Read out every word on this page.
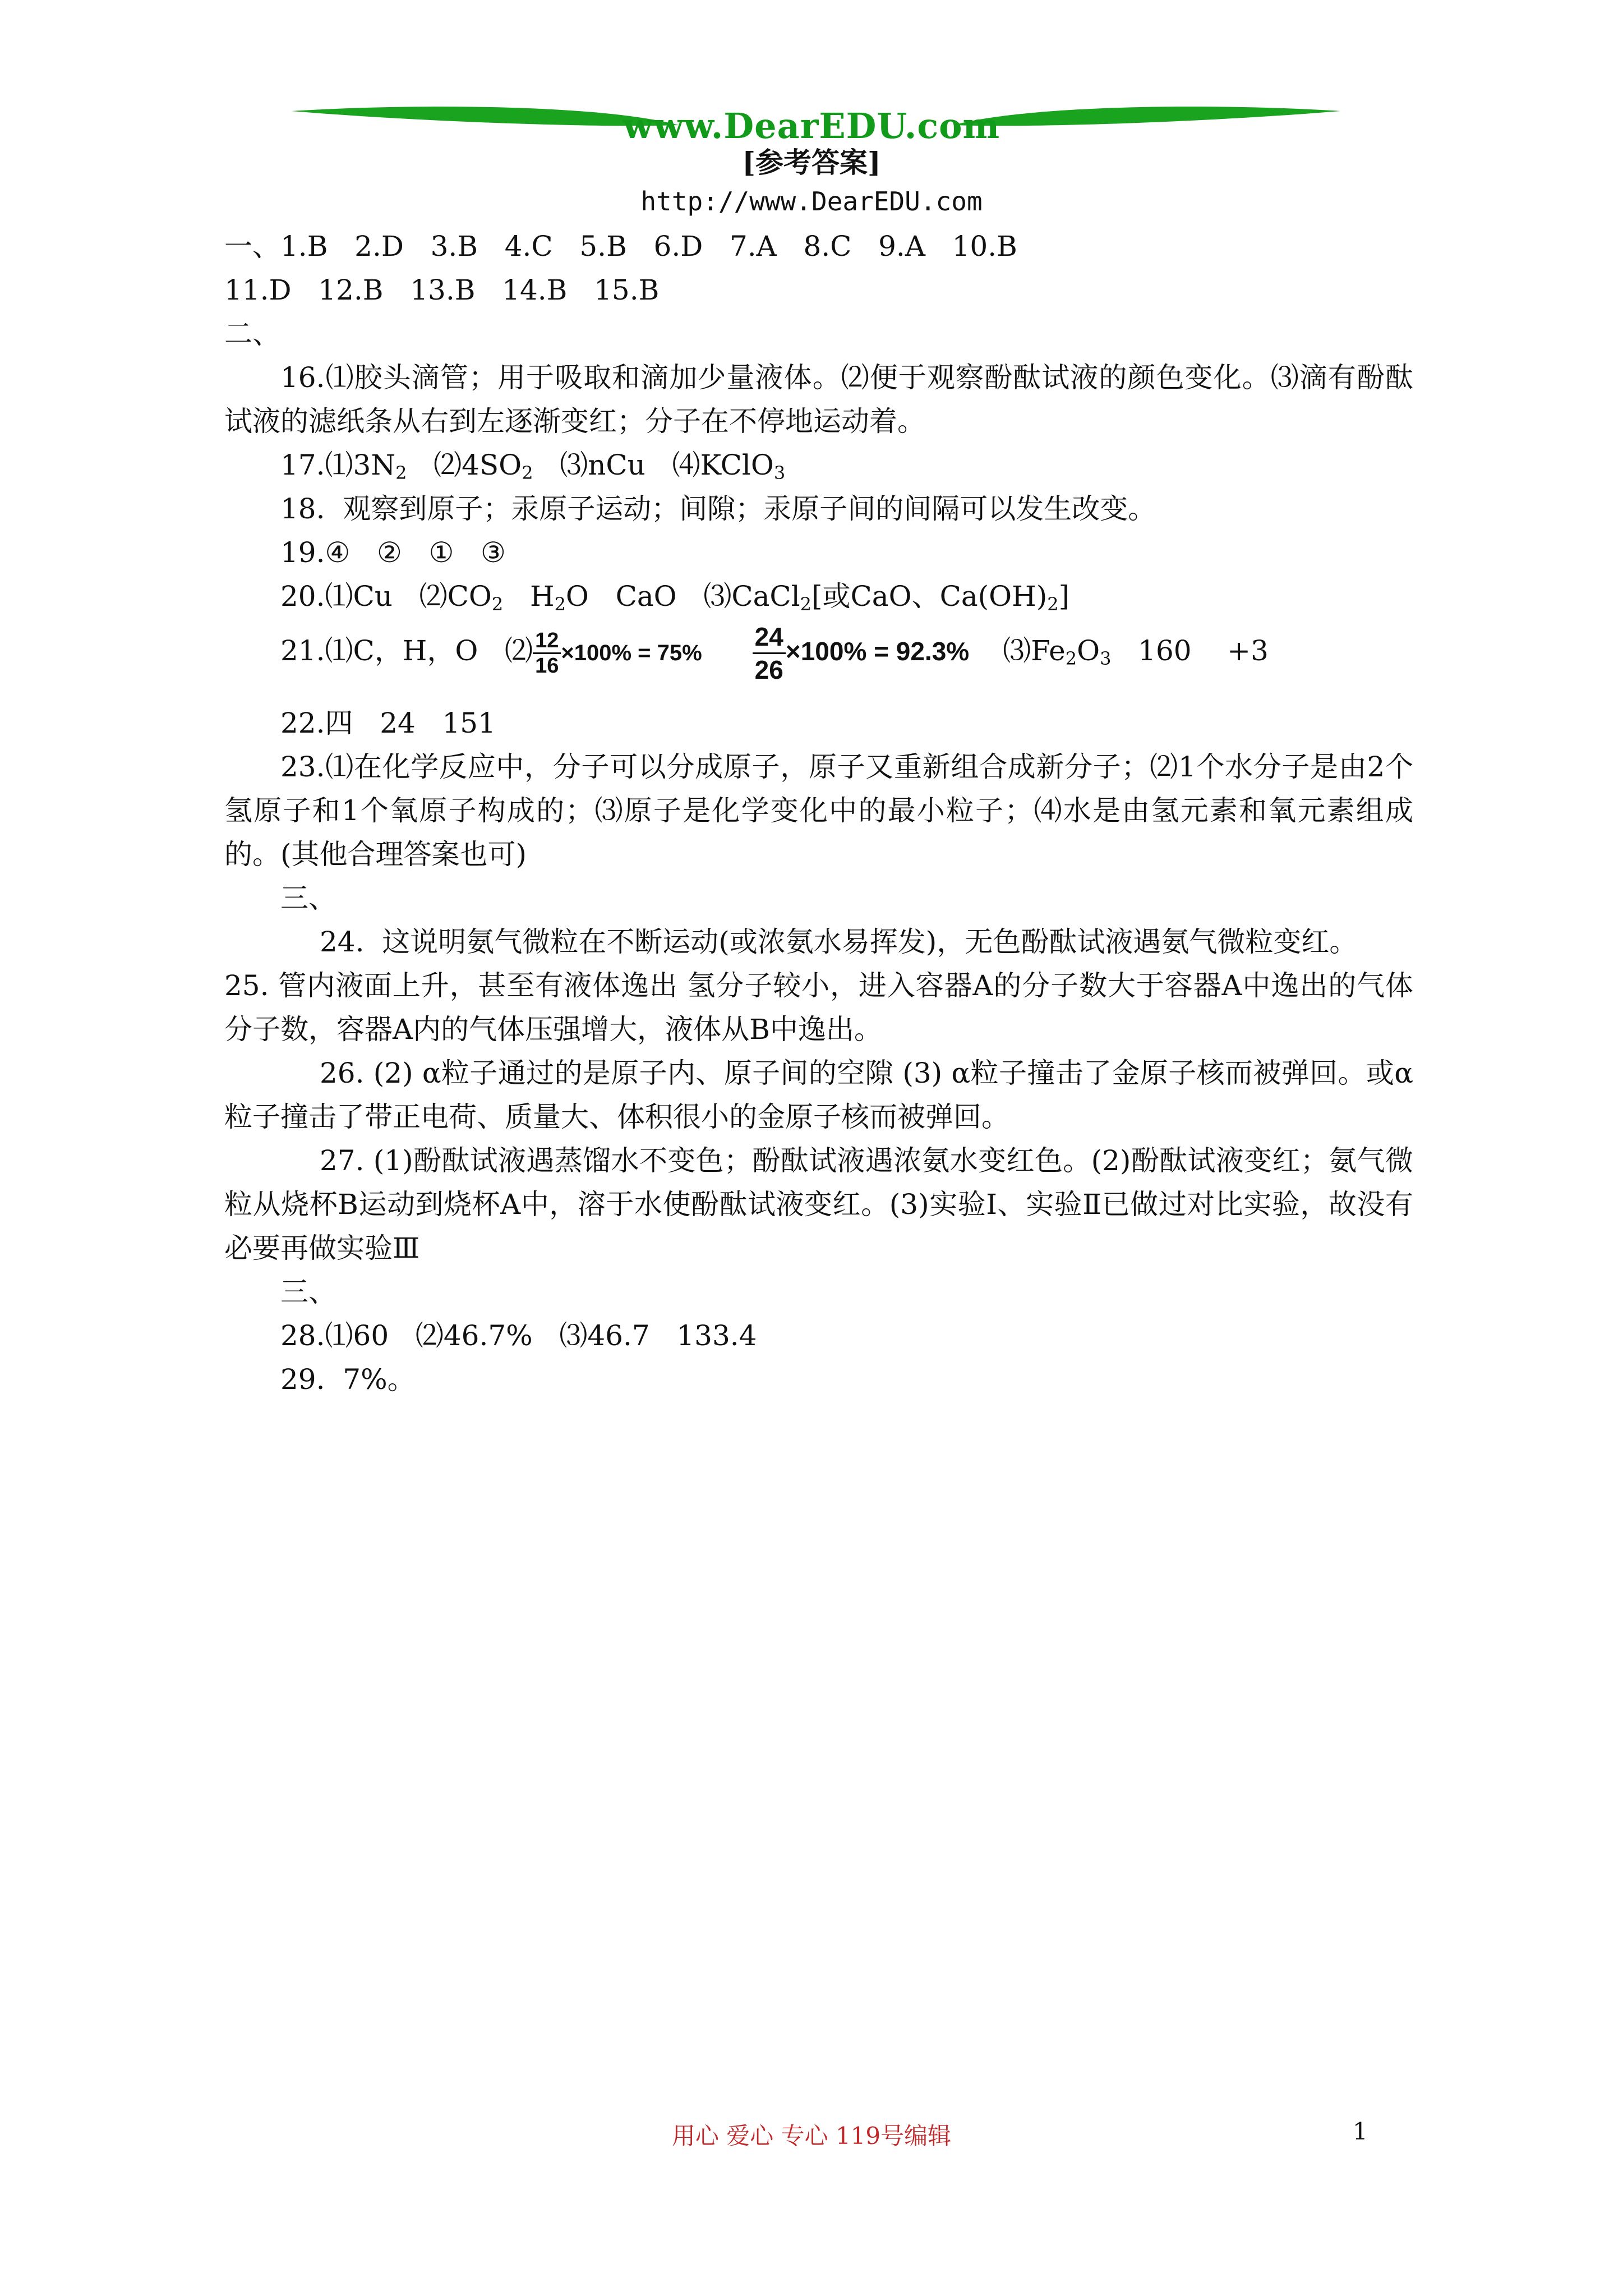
www.DearEDU.com
[参考答案]
http://www.DearEDU.com
一、1.B   2.D   3.B   4.C   5.B   6.D   7.A   8.C   9.A   10.B
11.D   12.B   13.B   14.B   15.B
二、
16.⑴胶头滴管；用于吸取和滴加少量液体。⑵便于观察酚酞试液的颜色变化。⑶滴有酚酞试液的滤纸条从右到左逐渐变红；分子在不停地运动着。
$17.⑴3N_2$   $⑵4SO_2$   ⑶nCu   ⑷KClO$_3$
18.  观察到原子；汞原子运动；间隙；汞原子间的间隔可以发生改变。
19.④   ②   ①   ③
20.⑴Cu   $⑵CO_2$   $H_2O$   CaO   ⑶CaCl$_2$[或CaO、$Ca(OH)_2$]
21.⑴C，H，O   ⑵ $\frac{12}{16} \times 100\% = 75\% \frac{24}{26} \times 100\% = 92.3\%$ $⑶Fe_2O_3$   160    +3
22.四   24   151
23.⑴在化学反应中，分子可以分成原子，原子又重新组合成新分子；⑵1个水分子是由2个氢原子和1个氧原子构成的；⑶原子是化学变化中的最小粒子；⑷水是由氢元素和氧元素组成的。(其他合理答案也可)
三、
24.  这说明氨气微粒在不断运动(或浓氨水易挥发)，无色酚酞试液遇氨气微粒变红。
25. 管内液面上升，甚至有液体逸出 氢分子较小，进入容器A的分子数大于容器A中逸出的气体分子数，容器A内的气体压强增大，液体从B中逸出。
26. (2) α粒子通过的是原子内、原子间的空隙 (3) α粒子撞击了金原子核而被弹回。或α粒子撞击了带正电荷、质量大、体积很小的金原子核而被弹回。
27. (1)酚酞试液遇蒸馏水不变色；酚酞试液遇浓氨水变红色。(2)酚酞试液变红；氨气微粒从烧杯B运动到烧杯A中，溶于水使酚酞试液变红。(3)实验Ⅰ、实验Ⅱ已做过对比实验，故没有必要再做实验Ⅲ
三、
28.⑴60   ⑵46.7%   ⑶46.7   133.4
29.  7%。
用心 爱心 专心 119号编辑	1
